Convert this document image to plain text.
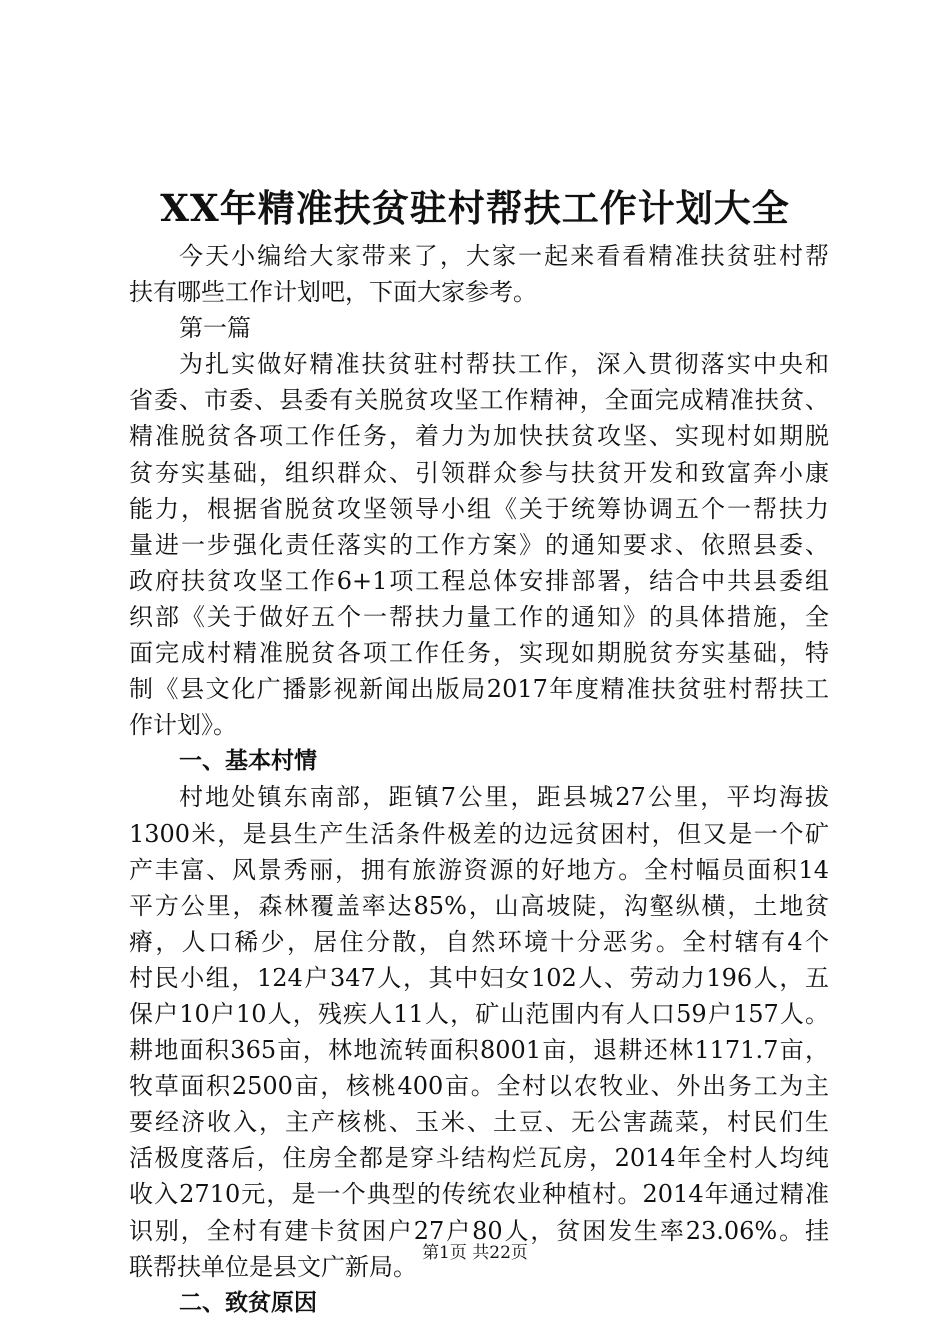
XX年精准扶贫驻村帮扶工作计划大全
今天小编给大家带来了，大家一起来看看精准扶贫驻村帮
扶有哪些工作计划吧，下面大家参考。
第一篇
为扎实做好精准扶贫驻村帮扶工作，深入贯彻落实中央和
省委、市委、县委有关脱贫攻坚工作精神，全面完成精准扶贫、
精准脱贫各项工作任务，着力为加快扶贫攻坚、实现村如期脱
贫夯实基础，组织群众、引领群众参与扶贫开发和致富奔小康
能力，根据省脱贫攻坚领导小组《关于统筹协调五个一帮扶力
量进一步强化责任落实的工作方案》的通知要求、依照县委、
政府扶贫攻坚工作6+1项工程总体安排部署，结合中共县委组
织部《关于做好五个一帮扶力量工作的通知》的具体措施，全
面完成村精准脱贫各项工作任务，实现如期脱贫夯实基础，特
制《县文化广播影视新闻出版局2017年度精准扶贫驻村帮扶工
作计划》。
一、基本村情
村地处镇东南部，距镇7公里，距县城27公里，平均海拔
1300米，是县生产生活条件极差的边远贫困村，但又是一个矿
产丰富、风景秀丽，拥有旅游资源的好地方。全村幅员面积14
平方公里，森林覆盖率达85%，山高坡陡，沟壑纵横，土地贫
瘠，人口稀少，居住分散，自然环境十分恶劣。全村辖有4个
村民小组，124户347人，其中妇女102人、劳动力196人，五
保户10户10人，残疾人11人，矿山范围内有人口59户157人。
耕地面积365亩，林地流转面积8001亩，退耕还林1171.7亩，
牧草面积2500亩，核桃400亩。全村以农牧业、外出务工为主
要经济收入，主产核桃、玉米、土豆、无公害蔬菜，村民们生
活极度落后，住房全都是穿斗结构烂瓦房，2014年全村人均纯
收入2710元，是一个典型的传统农业种植村。2014年通过精准
识别，全村有建卡贫困户27户80人，贫困发生率23.06%。挂
联帮扶单位是县文广新局。
二、致贫原因
第1页 共22页
